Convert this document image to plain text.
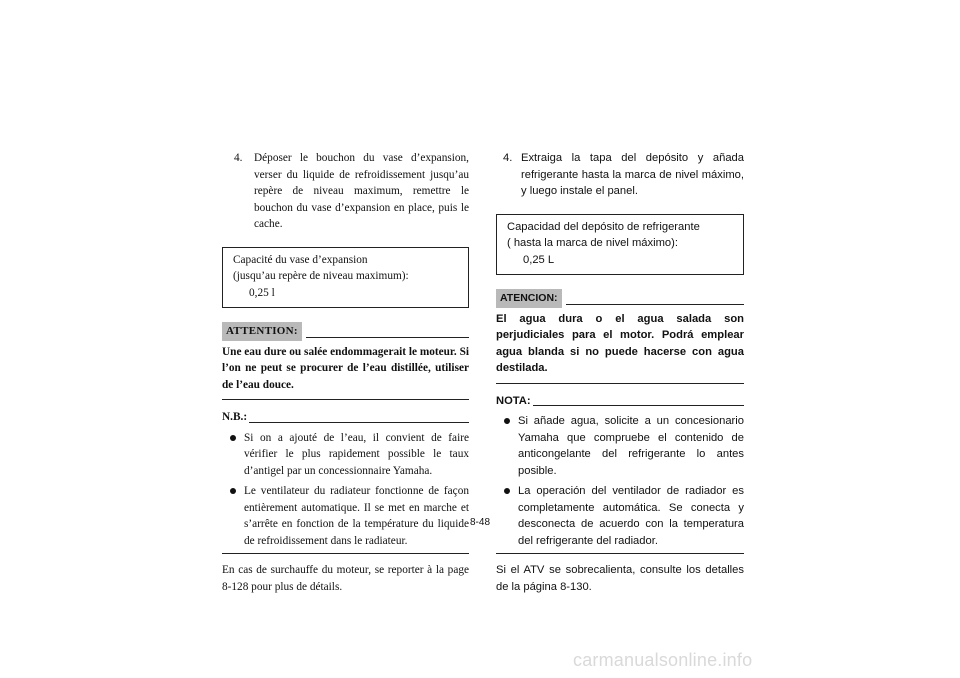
4.	Déposer le bouchon du vase d’expansion, verser du liquide de refroidissement jusqu’au repère de niveau maximum, remettre le bouchon du vase d’expansion en place, puis le cache.
Capacité du vase d’expansion
(jusqu’au repère de niveau maximum):
0,25 l
ATTENTION:
Une eau dure ou salée endommagerait le moteur. Si l’on ne peut se procurer de l’eau distillée, utiliser de l’eau douce.
N.B.:
Si on a ajouté de l’eau, il convient de faire vérifier le plus rapidement possible le taux d’antigel par un concessionnaire Yamaha.
Le ventilateur du radiateur fonctionne de façon entièrement automatique. Il se met en marche et s’arrête en fonction de la température du liquide de refroidissement dans le radiateur.
En cas de surchauffe du moteur, se reporter à la page 8-128 pour plus de détails.
4. Extraiga la tapa del depósito y añada refrigerante hasta la marca de nivel máximo, y luego instale el panel.
Capacidad del depósito de refrigerante
( hasta la marca de nivel máximo):
0,25 L
ATENCION:
El agua dura o el agua salada son perjudiciales para el motor. Podrá emplear agua blanda si no puede hacerse con agua destilada.
NOTA:
Si añade agua, solicite a un concesionario Yamaha que compruebe el contenido de anticongelante del refrigerante lo antes posible.
La operación del ventilador de radiador es completamente automática. Se conecta y desconecta de acuerdo con la temperatura del refrigerante del radiador.
Si el ATV se sobrecalienta, consulte los detalles de la página 8-130.
8-48
carmanualsonline.info
